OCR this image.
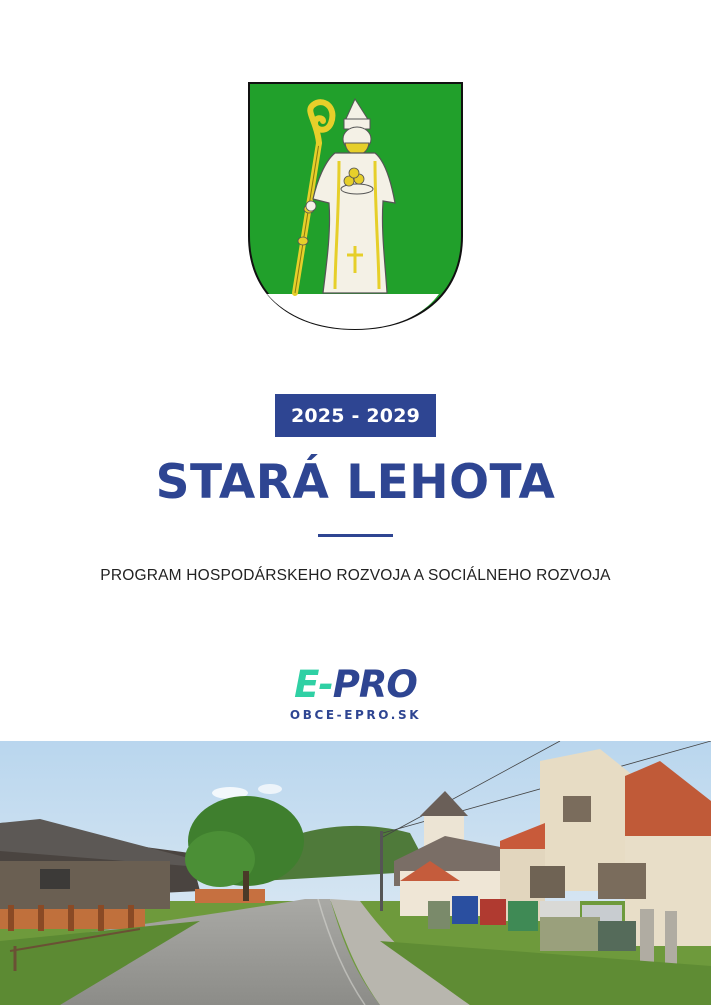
2025 - 2029
STARÁ LEHOTA
PROGRAM HOSPODÁRSKEHO ROZVOJA A SOCIÁLNEHO ROZVOJA
E-PRO
OBCE-EPRO.SK
